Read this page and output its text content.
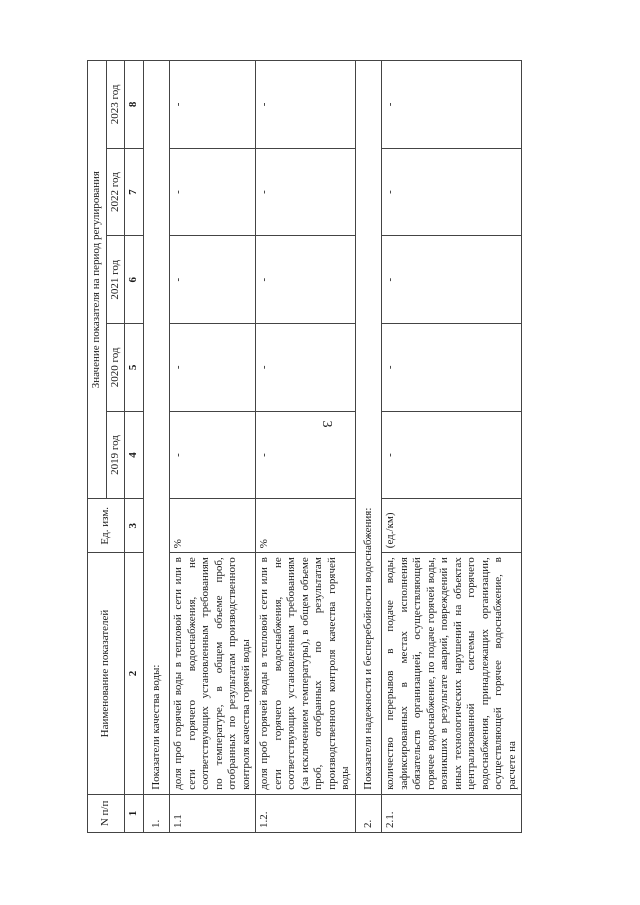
3
N п/п	Наименование показателей	Ед. изм.	Значение показателя на период регулирования				
			2019 год	2020 год	2021 год	2022 год	2023 год
1	2	3	4	5	6	7	8
1.	Показатели качества воды:						
1.1	доля проб горячей воды в тепловой сети или в сети горячего водоснабжения, не соответствующих установленным требованиям по температуре, в общем объеме проб, отобранных по результатам производственного контроля качества горячей воды	%	-	-	-	-	-
1.2.	доля проб горячей воды в тепловой сети или в сети горячего водоснабжения, не соответствующих установленным требованиям (за исключением температуры), в общем объеме проб, отобранных по результатам производственного контроля качества горячей воды	%	-	-	-	-	-
2.	Показатели надежности и бесперебойности водоснабжения:						
2.1.	количество перерывов в подаче воды, зафиксированных в местах исполнения обязательств организацией, осуществляющей горячее водоснабжение, по подаче горячей воды, возникших в результате аварий, повреждений и иных технологических нарушений на объектах централизованной системы горячего водоснабжения, принадлежащих организации, осуществляющей горячее водоснабжение, в расчете на	(ед./км)	-	-	-	-	-
